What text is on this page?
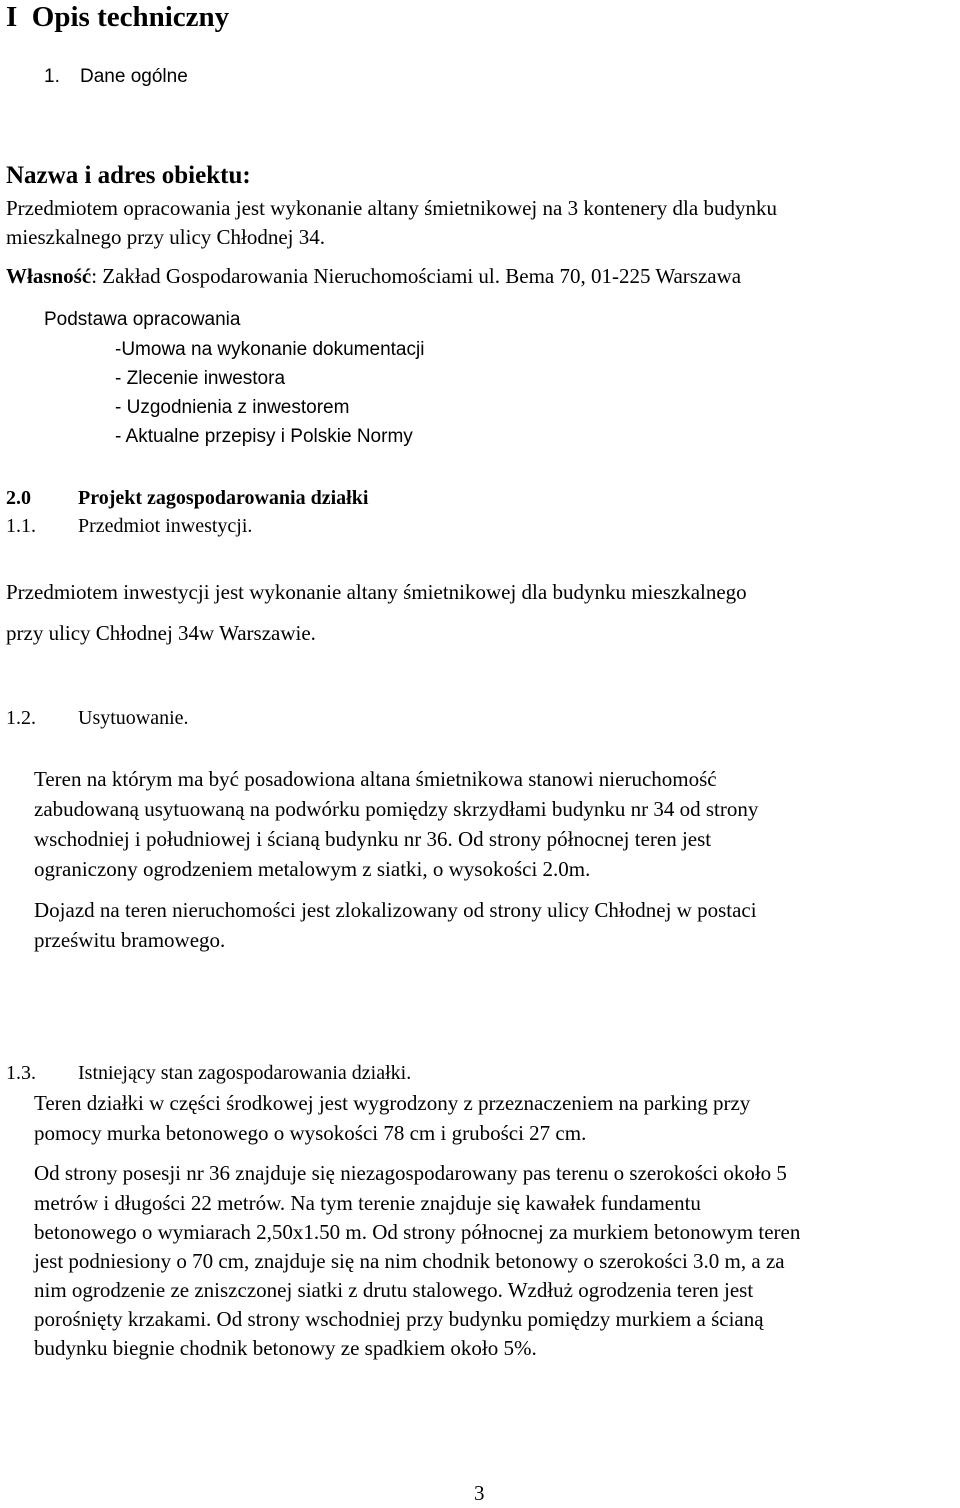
I Opis techniczny
1. Dane ogólne
Nazwa i adres obiektu:
Przedmiotem opracowania jest wykonanie altany śmietnikowej na 3 kontenery dla budynku
mieszkalnego przy ulicy Chłodnej 34.
Własność: Zakład Gospodarowania Nieruchomościami ul. Bema 70, 01-225 Warszawa
Podstawa opracowania
-Umowa na wykonanie dokumentacji
- Zlecenie inwestora
- Uzgodnienia z inwestorem
- Aktualne przepisy i Polskie Normy
2.0 Projekt zagospodarowania działki
1.1. Przedmiot inwestycji.
Przedmiotem inwestycji jest wykonanie altany śmietnikowej dla budynku mieszkalnego
przy ulicy Chłodnej 34w Warszawie.
1.2. Usytuowanie.
Teren na którym ma być posadowiona altana śmietnikowa stanowi nieruchomość
zabudowaną usytuowaną na podwórku pomiędzy skrzydłami budynku nr 34 od strony
wschodniej i południowej i ścianą budynku nr 36. Od strony północnej teren jest
ograniczony ogrodzeniem metalowym z siatki, o wysokości 2.0m.
Dojazd na teren nieruchomości jest zlokalizowany od strony ulicy Chłodnej w postaci
prześwitu bramowego.
1.3. Istniejący stan zagospodarowania działki.
Teren działki w części środkowej jest wygrodzony z przeznaczeniem na parking przy
pomocy murka betonowego o wysokości 78 cm i grubości 27 cm.
Od strony posesji nr 36 znajduje się niezagospodarowany pas terenu o szerokości około 5
metrów i długości 22 metrów. Na tym terenie znajduje się kawałek fundamentu
betonowego o wymiarach 2,50x1.50 m. Od strony północnej za murkiem betonowym teren
jest podniesiony o 70 cm, znajduje się na nim chodnik betonowy o szerokości 3.0 m, a za
nim ogrodzenie ze zniszczonej siatki z drutu stalowego. Wzdłuż ogrodzenia teren jest
porośnięty krzakami. Od strony wschodniej przy budynku pomiędzy murkiem a ścianą
budynku biegnie chodnik betonowy ze spadkiem około 5%.
3
